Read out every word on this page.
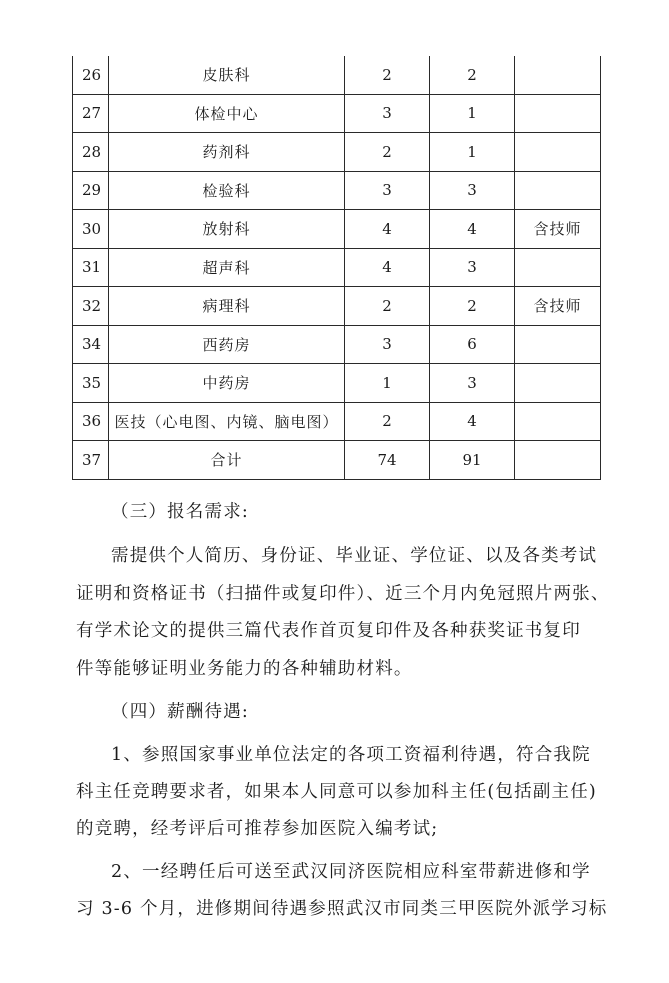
26	皮肤科	2	2	
27	体检中心	3	1	
28	药剂科	2	1	
29	检验科	3	3	
30	放射科	4	4	含技师
31	超声科	4	3	
32	病理科	2	2	含技师
34	西药房	3	6	
35	中药房	1	3	
36	医技（心电图、内镜、脑电图）	2	4	
37	合计	74	91	
（三）报名需求:
需提供个人简历、身份证、毕业证、学位证、以及各类考试
证明和资格证书（扫描件或复印件）、近三个月内免冠照片两张、
有学术论文的提供三篇代表作首页复印件及各种获奖证书复印
件等能够证明业务能力的各种辅助材料。
（四）薪酬待遇:
1、参照国家事业单位法定的各项工资福利待遇，符合我院
科主任竞聘要求者，如果本人同意可以参加科主任(包括副主任)
的竞聘，经考评后可推荐参加医院入编考试;
2、一经聘任后可送至武汉同济医院相应科室带薪进修和学
习 3-6 个月，进修期间待遇参照武汉市同类三甲医院外派学习标
